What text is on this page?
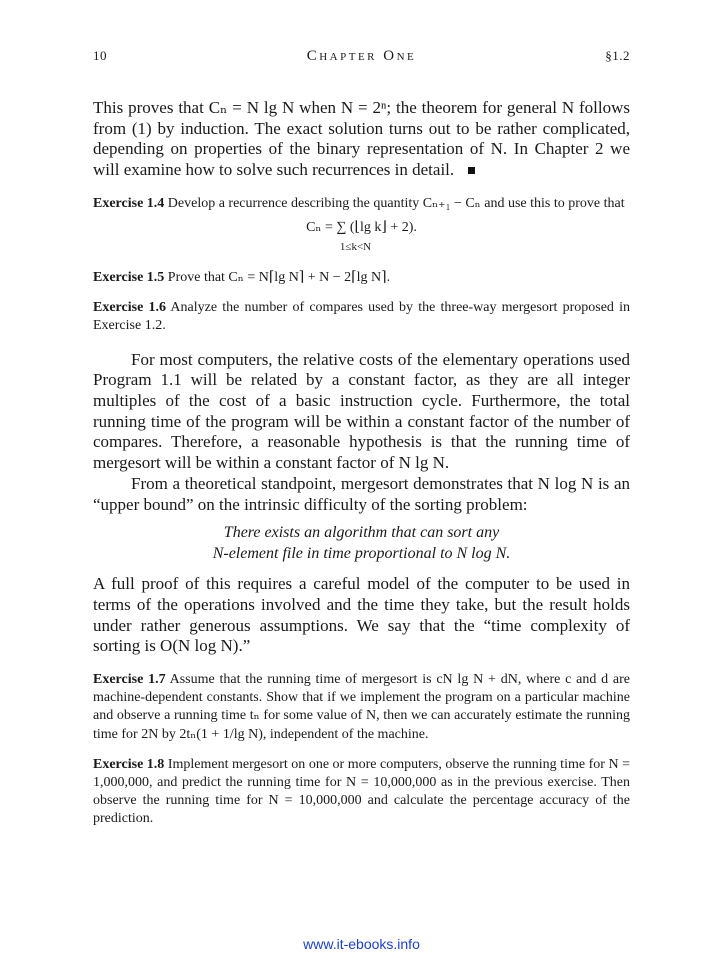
10	Chapter One	§1.2

This proves that Cₙ = N lg N when N = 2ⁿ; the theorem for general N follows from (1) by induction. The exact solution turns out to be rather complicated, depending on properties of the binary representation of N. In Chapter 2 we will examine how to solve such recurrences in detail.

Exercise 1.4 Develop a recurrence describing the quantity Cₙ₊₁ − Cₙ and use this to prove that

Cₙ = ∑ (⌊lg k⌋ + 2).
1≤k<N

Exercise 1.5 Prove that Cₙ = N⌈lg N⌉ + N − 2⌈lg N⌉.

Exercise 1.6 Analyze the number of compares used by the three-way mergesort proposed in Exercise 1.2.

For most computers, the relative costs of the elementary operations used Program 1.1 will be related by a constant factor, as they are all integer multiples of the cost of a basic instruction cycle. Furthermore, the total running time of the program will be within a constant factor of the number of compares. Therefore, a reasonable hypothesis is that the running time of mergesort will be within a constant factor of N lg N.

From a theoretical standpoint, mergesort demonstrates that N log N is an “upper bound” on the intrinsic difficulty of the sorting problem:

There exists an algorithm that can sort any
N-element file in time proportional to N log N.

A full proof of this requires a careful model of the computer to be used in terms of the operations involved and the time they take, but the result holds under rather generous assumptions. We say that the “time complexity of sorting is O(N log N).”

Exercise 1.7 Assume that the running time of mergesort is cN lg N + dN, where c and d are machine-dependent constants. Show that if we implement the program on a particular machine and observe a running time tₙ for some value of N, then we can accurately estimate the running time for 2N by 2tₙ(1 + 1/lg N), independent of the machine.

Exercise 1.8 Implement mergesort on one or more computers, observe the running time for N = 1,000,000, and predict the running time for N = 10,000,000 as in the previous exercise. Then observe the running time for N = 10,000,000 and calculate the percentage accuracy of the prediction.

www.it-ebooks.info
